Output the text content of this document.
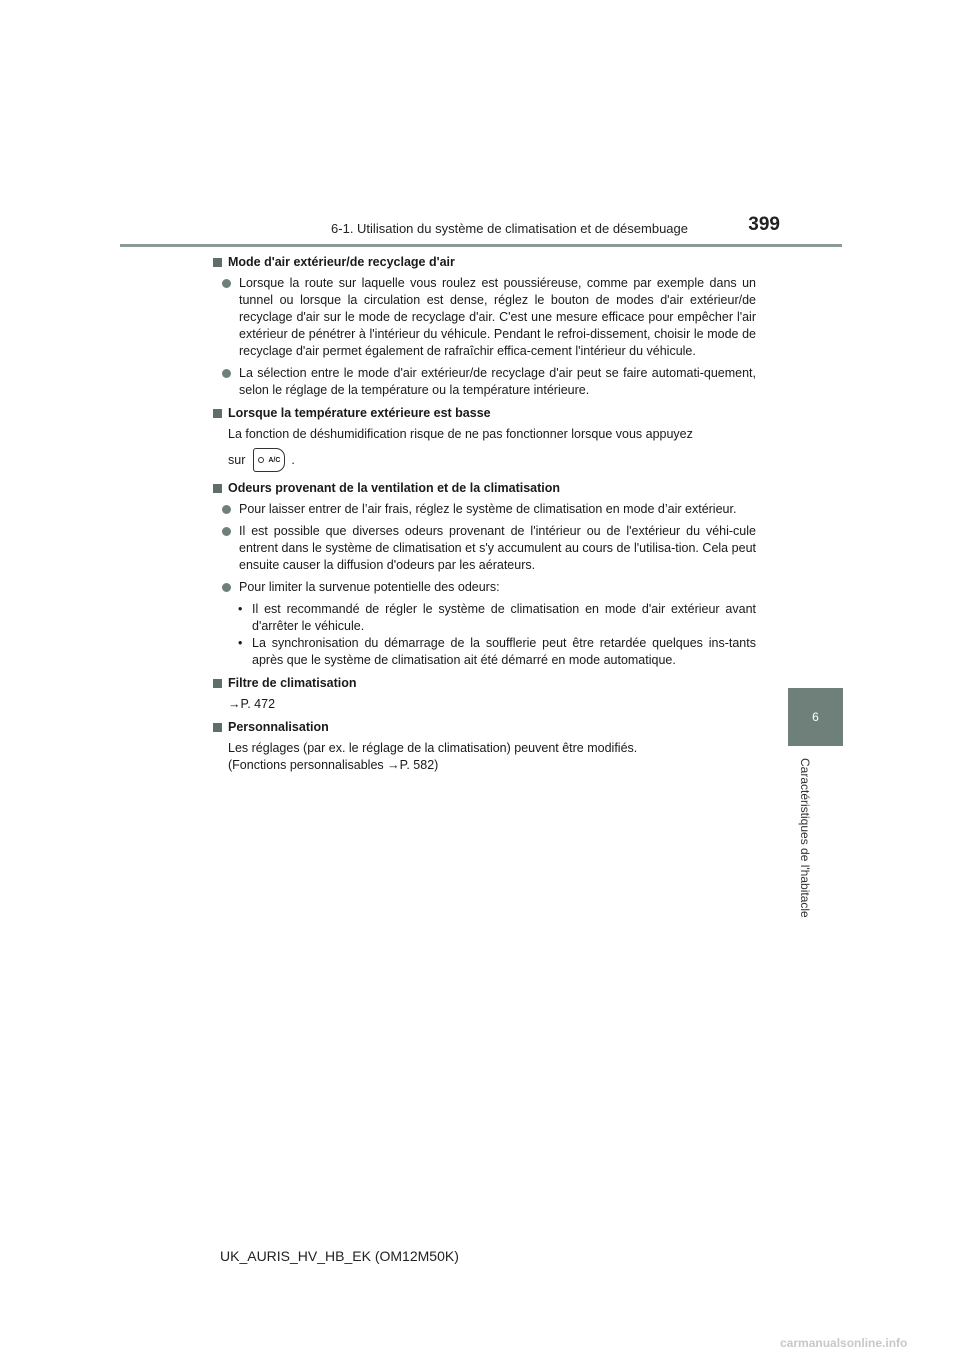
6-1. Utilisation du système de climatisation et de désembuage	399
6
Caractéristiques de l'habitacle
Mode d'air extérieur/de recyclage d'air
Lorsque la route sur laquelle vous roulez est poussiéreuse, comme par exemple dans un tunnel ou lorsque la circulation est dense, réglez le bouton de modes d'air extérieur/de recyclage d'air sur le mode de recyclage d'air. C'est une mesure efficace pour empêcher l'air extérieur de pénétrer à l'intérieur du véhicule. Pendant le refroi-dissement, choisir le mode de recyclage d'air permet également de rafraîchir effica-cement l'intérieur du véhicule.
La sélection entre le mode d'air extérieur/de recyclage d'air peut se faire automati-quement, selon le réglage de la température ou la température intérieure.
Lorsque la température extérieure est basse
La fonction de déshumidification risque de ne pas fonctionner lorsque vous appuyez
sur	A/C .
Odeurs provenant de la ventilation et de la climatisation
Pour laisser entrer de l’air frais, réglez le système de climatisation en mode d’air extérieur.
Il est possible que diverses odeurs provenant de l'intérieur ou de l'extérieur du véhi-cule entrent dans le système de climatisation et s'y accumulent au cours de l'utilisa-tion. Cela peut ensuite causer la diffusion d'odeurs par les aérateurs.
Pour limiter la survenue potentielle des odeurs:
• Il est recommandé de régler le système de climatisation en mode d'air extérieur avant d'arrêter le véhicule.
• La synchronisation du démarrage de la soufflerie peut être retardée quelques ins-tants après que le système de climatisation ait été démarré en mode automatique.
Filtre de climatisation
→P. 472
Personnalisation
Les réglages (par ex. le réglage de la climatisation) peuvent être modifiés.
(Fonctions personnalisables →P. 582)
UK_AURIS_HV_HB_EK (OM12M50K)
carmanualsonline.info
